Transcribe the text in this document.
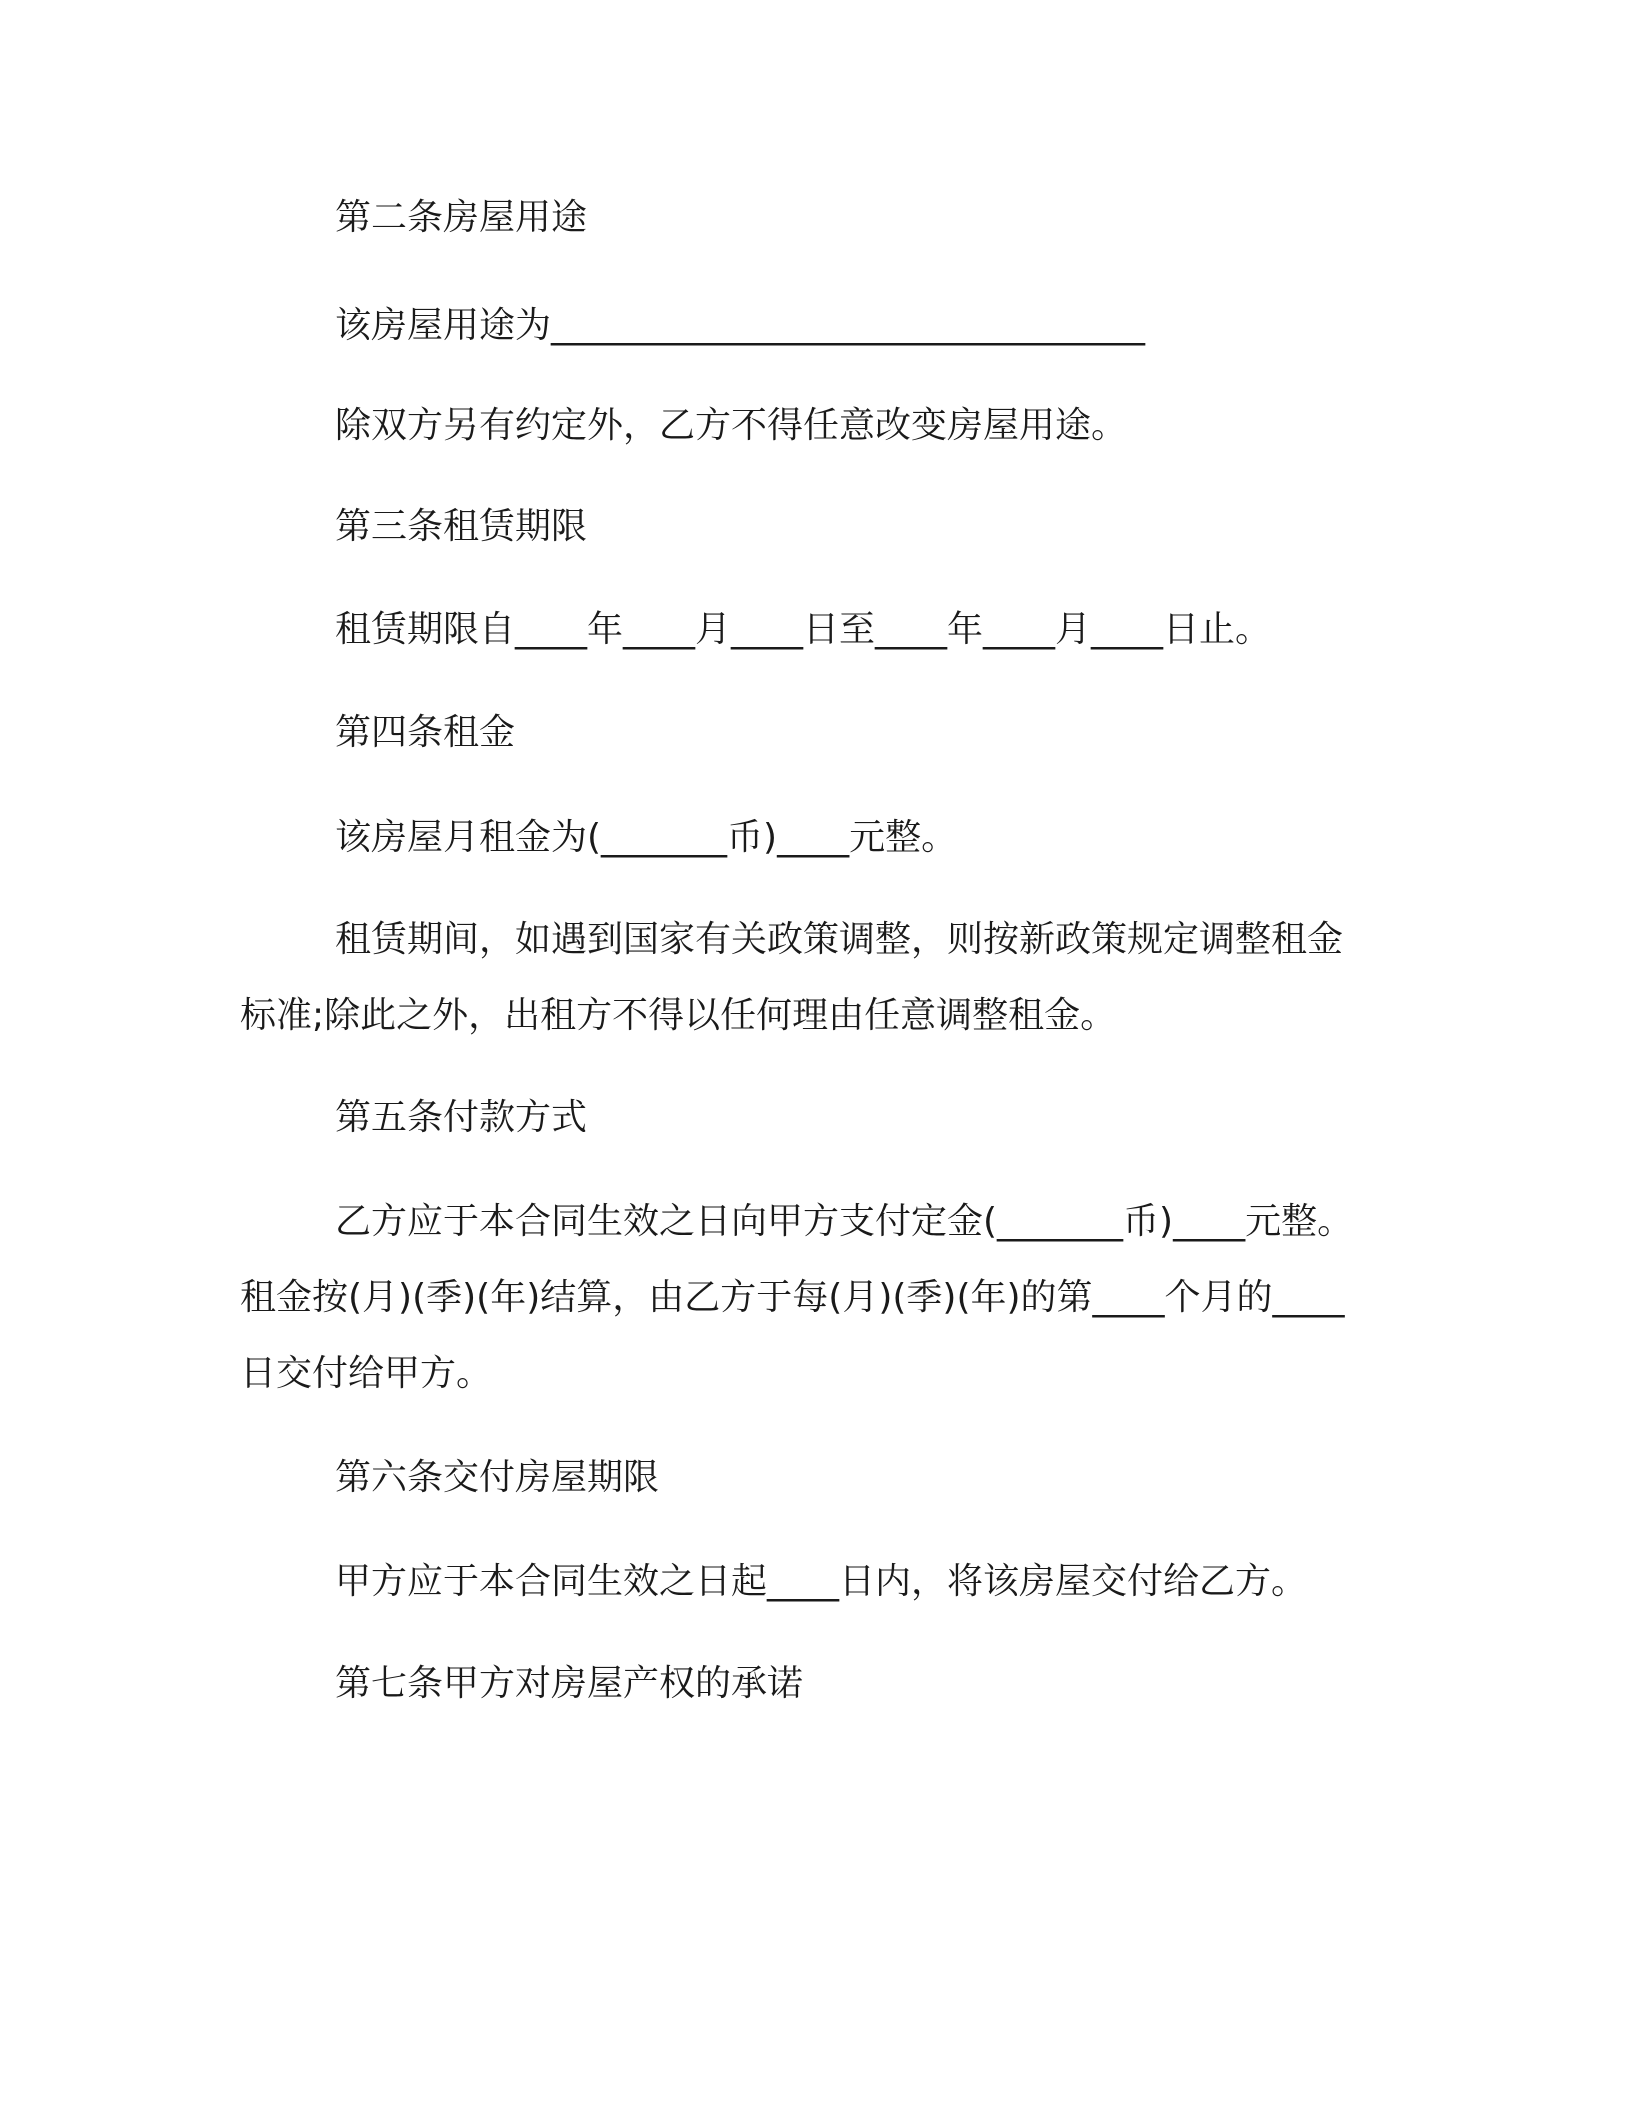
第二条房屋用途
该房屋用途为_________________________________
除双方另有约定外，乙方不得任意改变房屋用途。
第三条租赁期限
租赁期限自____年____月____日至____年____月____日止。
第四条租金
该房屋月租金为(_______币)____元整。
租赁期间，如遇到国家有关政策调整，则按新政策规定调整租金
标准;除此之外，出租方不得以任何理由任意调整租金。
第五条付款方式
乙方应于本合同生效之日向甲方支付定金(_______币)____元整。
租金按(月)(季)(年)结算，由乙方于每(月)(季)(年)的第____个月的____
日交付给甲方。
第六条交付房屋期限
甲方应于本合同生效之日起____日内，将该房屋交付给乙方。
第七条甲方对房屋产权的承诺
